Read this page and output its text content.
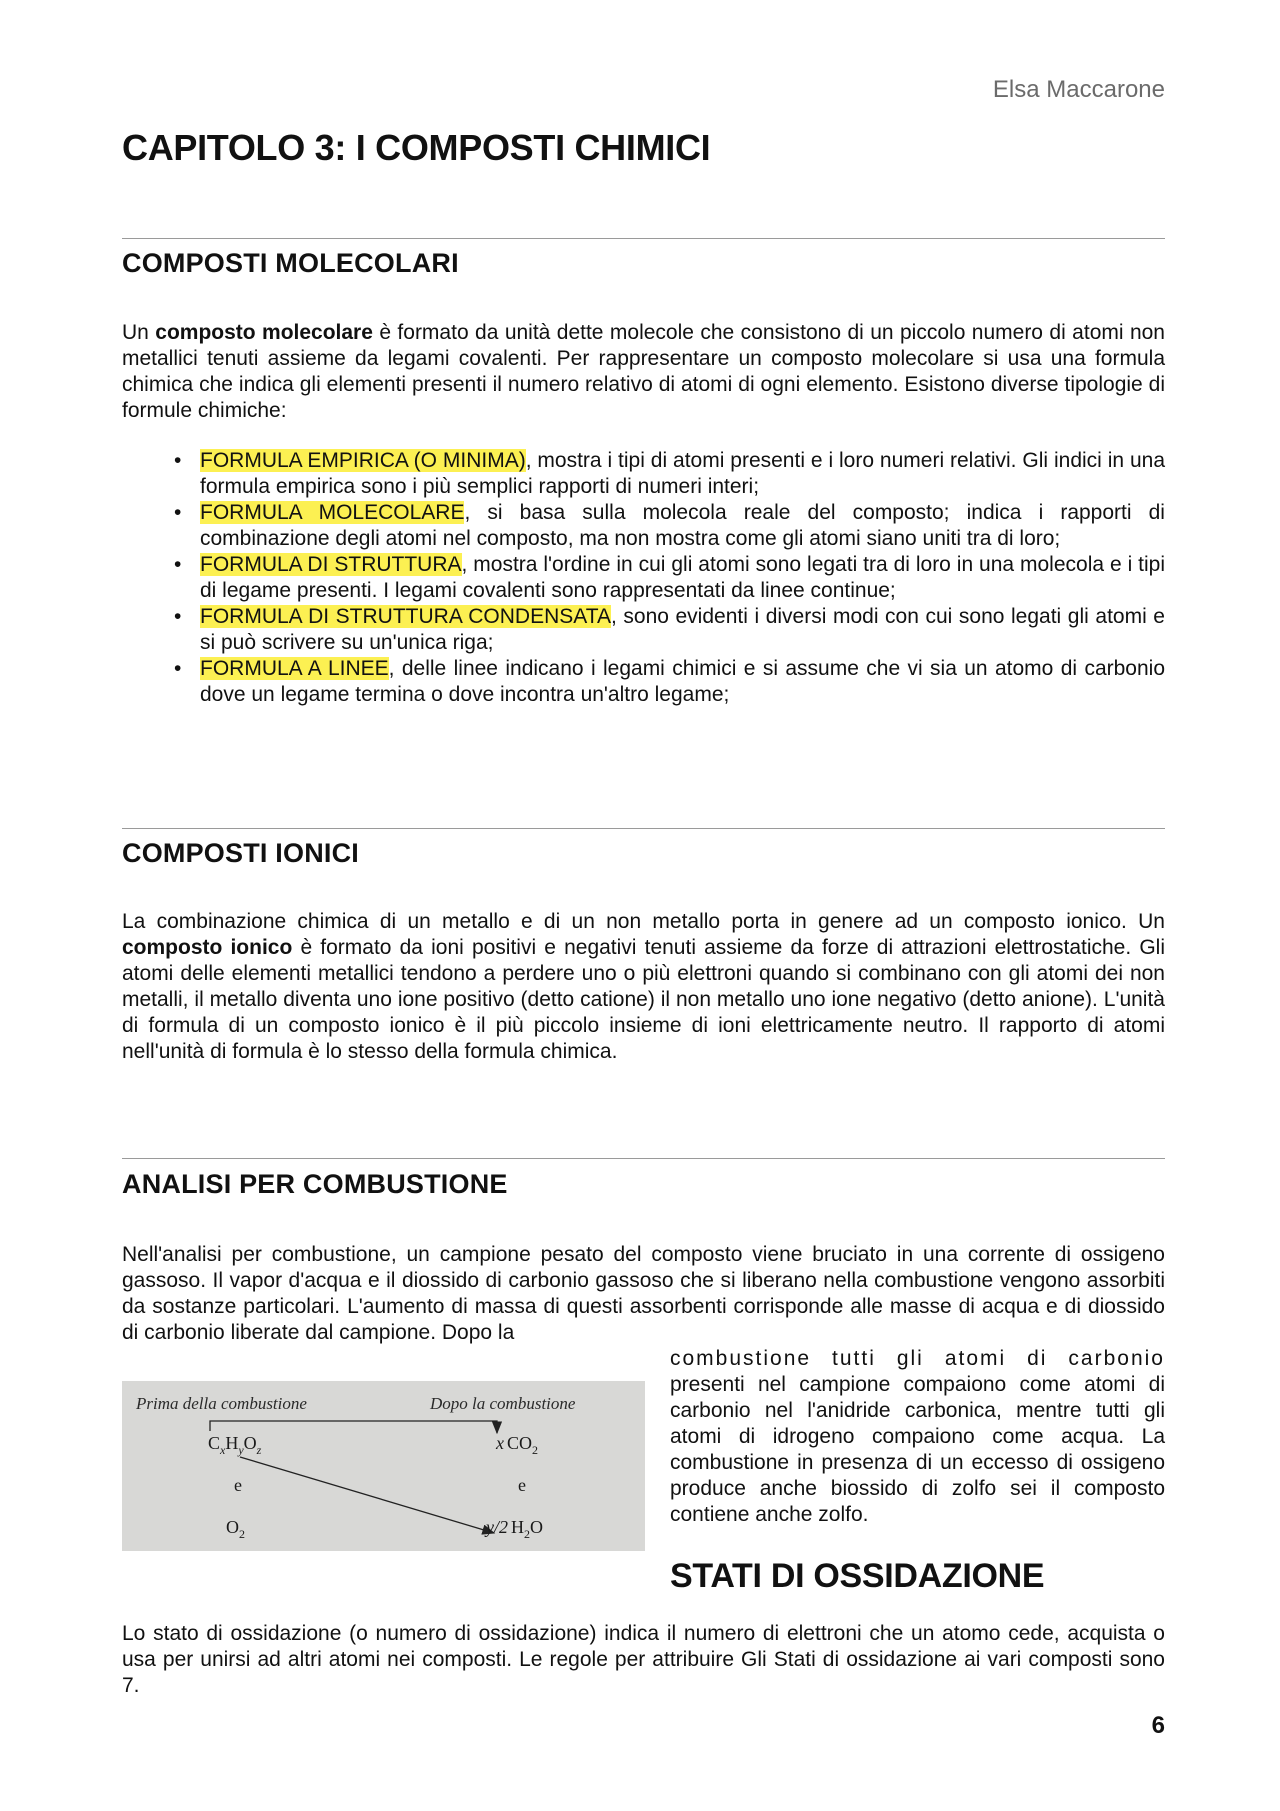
Elsa Maccarone
CAPITOLO 3: I COMPOSTI CHIMICI
COMPOSTI MOLECOLARI

Un composto molecolare è formato da unità dette molecole che consistono di un piccolo numero di atomi non metallici tenuti assieme da legami covalenti. Per rappresentare un composto molecolare si usa una formula chimica che indica gli elementi presenti il numero relativo di atomi di ogni elemento. Esistono diverse tipologie di formule chimiche:

• FORMULA EMPIRICA (O MINIMA), mostra i tipi di atomi presenti e i loro numeri relativi. Gli indici in una formula empirica sono i più semplici rapporti di numeri interi;
• FORMULA MOLECOLARE, si basa sulla molecola reale del composto; indica i rapporti di combinazione degli atomi nel composto, ma non mostra come gli atomi siano uniti tra di loro;
• FORMULA DI STRUTTURA, mostra l'ordine in cui gli atomi sono legati tra di loro in una molecola e i tipi di legame presenti. I legami covalenti sono rappresentati da linee continue;
• FORMULA DI STRUTTURA CONDENSATA, sono evidenti i diversi modi con cui sono legati gli atomi e si può scrivere su un'unica riga;
• FORMULA A LINEE, delle linee indicano i legami chimici e si assume che vi sia un atomo di carbonio dove un legame termina o dove incontra un'altro legame;
COMPOSTI IONICI

La combinazione chimica di un metallo e di un non metallo porta in genere ad un composto ionico. Un composto ionico è formato da ioni positivi e negativi tenuti assieme da forze di attrazioni elettrostatiche. Gli atomi delle elementi metallici tendono a perdere uno o più elettroni quando si combinano con gli atomi dei non metalli, il metallo diventa uno ione positivo (detto catione) il non metallo uno ione negativo (detto anione). L'unità di formula di un composto ionico è il più piccolo insieme di ioni elettricamente neutro. Il rapporto di atomi nell'unità di formula è lo stesso della formula chimica.

ANALISI PER COMBUSTIONE

Nell'analisi per combustione, un campione pesato del composto viene bruciato in una corrente di ossigeno gassoso. Il vapor d'acqua e il diossido di carbonio gassoso che si liberano nella combustione vengono assorbiti da sostanze particolari. L'aumento di massa di questi assorbenti corrisponde alle masse di acqua e di diossido di carbonio liberate dal campione. Dopo la

Prima della combustione	Dopo la combustione
$C_xH_yO_z$
e
$O_2$
x $CO_2$
e
y/2 $H_2O$

combustione tutti gli atomi di carbonio presenti nel campione compaiono come atomi di carbonio nel l'anidride carbonica, mentre tutti gli atomi di idrogeno compaiono come acqua. La combustione in presenza di un eccesso di ossigeno produce anche biossido di zolfo sei il composto contiene anche zolfo.

STATI DI OSSIDAZIONE

Lo stato di ossidazione (o numero di ossidazione) indica il numero di elettroni che un atomo cede, acquista o usa per unirsi ad altri atomi nei composti. Le regole per attribuire Gli Stati di ossidazione ai vari composti sono 7.

6
